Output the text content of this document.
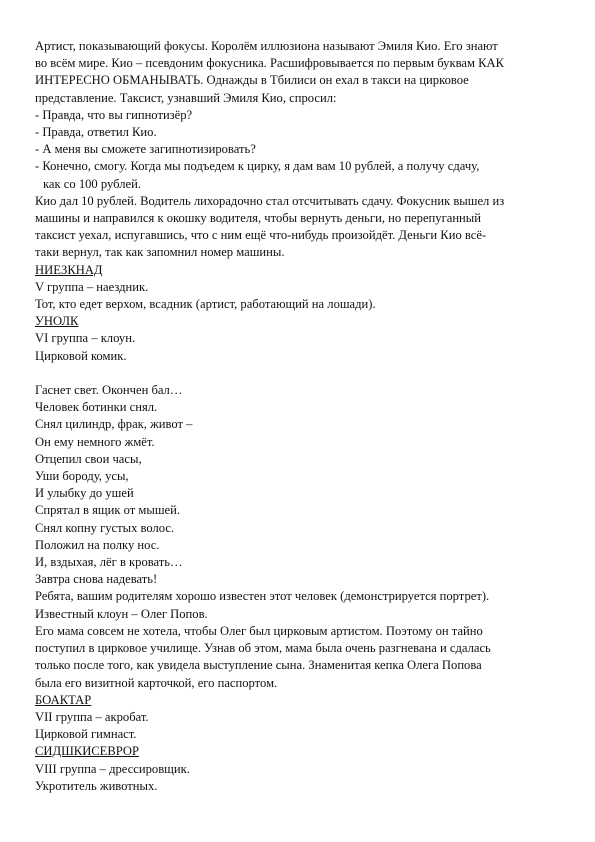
Артист, показывающий фокусы. Королём иллюзиона называют Эмиля Кио. Его знают
во всём мире. Кио – псевдоним фокусника. Расшифровывается по первым буквам КАК
ИНТЕРЕСНО ОБМАНЫВАТЬ. Однажды в Тбилиси он ехал в такси на цирковое
представление. Таксист, узнавший Эмиля Кио, спросил:
- Правда, что вы гипнотизёр?
- Правда, ответил Кио.
- А меня вы сможете загипнотизировать?
- Конечно, смогу. Когда мы подъедем к цирку, я дам вам 10 рублей, а получу сдачу,
как со 100 рублей.
Кио дал 10 рублей. Водитель лихорадочно стал отсчитывать сдачу. Фокусник вышел из
машины и направился к окошку водителя, чтобы вернуть деньги, но перепуганный
таксист уехал, испугавшись, что с ним ещё что-нибудь произойдёт. Деньги Кио всё-
таки вернул, так как запомнил номер машины.
НИЕЗКНАД
V группа – наездник.
Тот, кто едет верхом, всадник (артист, работающий на лошади).
УНОЛК
VI группа – клоун.
Цирковой комик.
Гаснет свет. Окончен бал…
Человек ботинки снял.
Снял цилиндр, фрак, живот –
Он ему немного жмёт.
Отцепил свои часы,
Уши бороду, усы,
И улыбку до ушей
Спрятал в ящик от мышей.
Снял копну густых волос.
Положил на полку нос.
И, вздыхая, лёг в кровать…
Завтра снова надевать!
Ребята, вашим родителям хорошо известен этот человек (демонстрируется портрет).
Известный клоун – Олег Попов.
Его мама совсем не хотела, чтобы Олег был цирковым артистом. Поэтому он тайно
поступил в цирковое училище. Узнав об этом, мама была очень разгневана и сдалась
только после того, как увидела выступление сына. Знаменитая кепка Олега Попова
была его визитной карточкой, его паспортом.
БОАКТАР
VII группа – акробат.
Цирковой гимнаст.
СИДШКИСЕВРОР
VIII группа – дрессировщик.
Укротитель животных.
